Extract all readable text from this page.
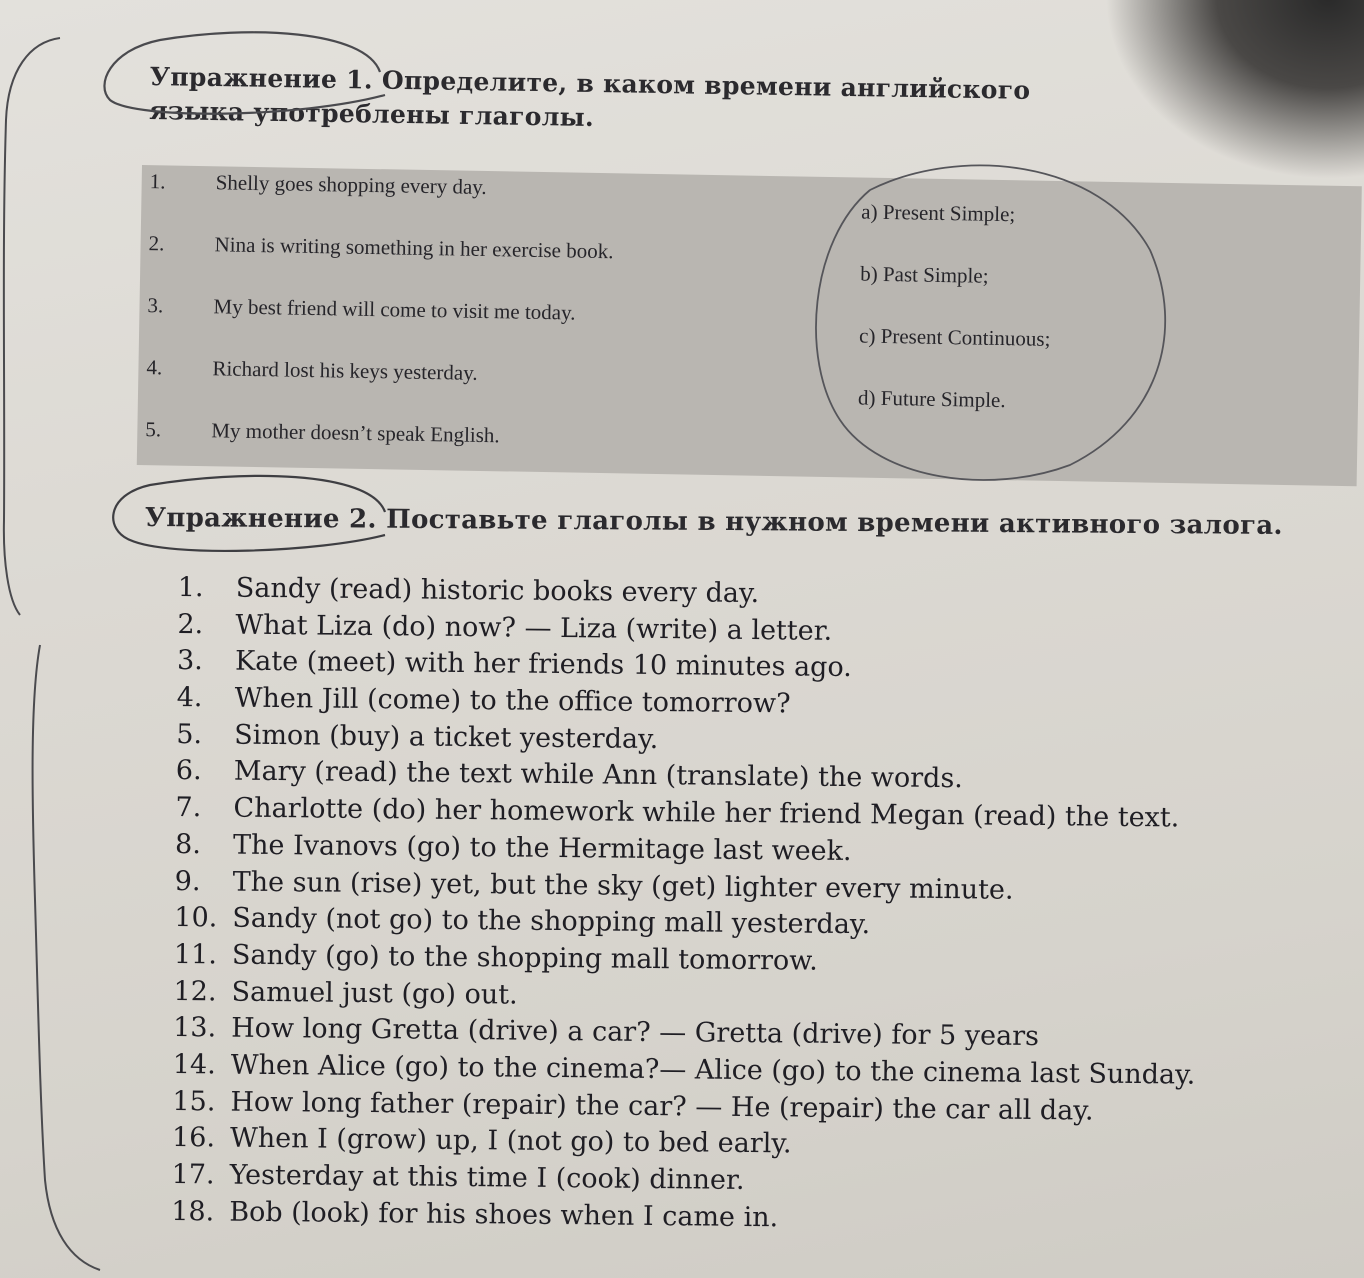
Упражнение 1. Определите, в каком времени английского языка употреблены глаголы.
1.	Shelly goes shopping every day.
2.	Nina is writing something in her exercise book.
3.	My best friend will come to visit me today.
4.	Richard lost his keys yesterday.
5.	My mother doesn’t speak English.
a) Present Simple;
b) Past Simple;
c) Present Continuous;
d) Future Simple.
Упражнение 2. Поставьте глаголы в нужном времени активного залога.
1.	Sandy (read) historic books every day.
2.	What Liza (do) now? — Liza (write) a letter.
3.	Kate (meet) with her friends 10 minutes ago.
4.	When Jill (come) to the office tomorrow?
5.	Simon (buy) a ticket yesterday.
6.	Mary (read) the text while Ann (translate) the words.
7.	Charlotte (do) her homework while her friend Megan (read) the text.
8.	The Ivanovs (go) to the Hermitage last week.
9.	The sun (rise) yet, but the sky (get) lighter every minute.
10. Sandy (not go) to the shopping mall yesterday.
11. Sandy (go) to the shopping mall tomorrow.
12. Samuel just (go) out.
13. How long Gretta (drive) a car? — Gretta (drive) for 5 years
14. When Alice (go) to the cinema?— Alice (go) to the cinema last Sunday.
15. How long father (repair) the car? — He (repair) the car all day.
16. When I (grow) up, I (not go) to bed early.
17. Yesterday at this time I (cook) dinner.
18. Bob (look) for his shoes when I came in.
